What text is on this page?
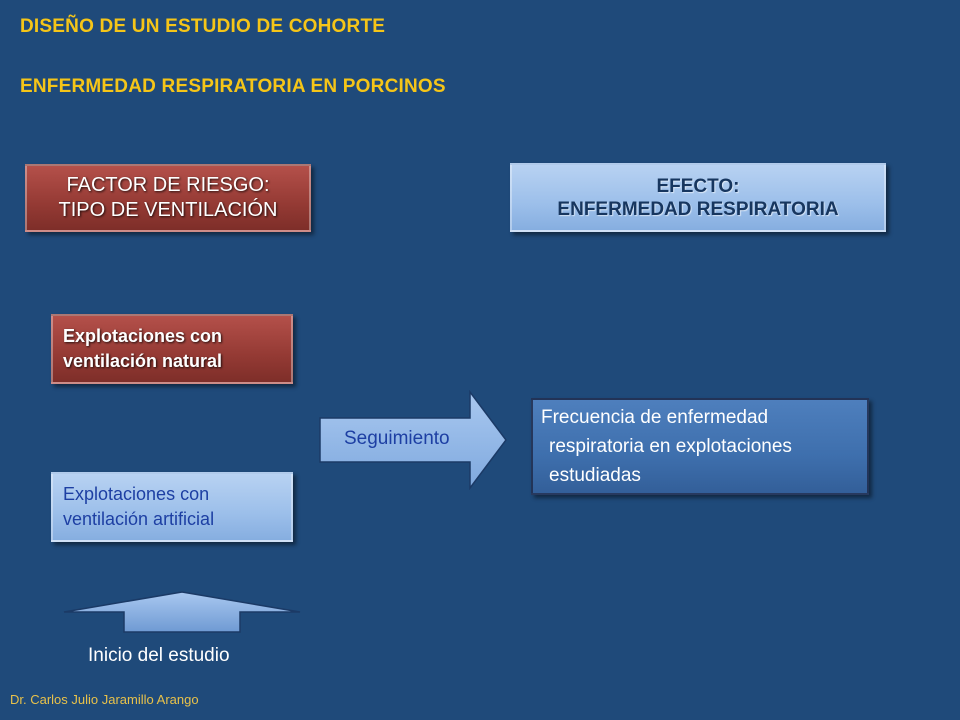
DISEÑO DE UN ESTUDIO DE COHORTE
ENFERMEDAD RESPIRATORIA EN PORCINOS
FACTOR DE RIESGO:
TIPO DE VENTILACIÓN
EFECTO:
ENFERMEDAD RESPIRATORIA
Explotaciones con
ventilación natural
Explotaciones con
ventilación artificial
Seguimiento
Frecuencia de enfermedad
respiratoria en explotaciones
estudiadas
Inicio del estudio
Dr. Carlos Julio Jaramillo Arango
